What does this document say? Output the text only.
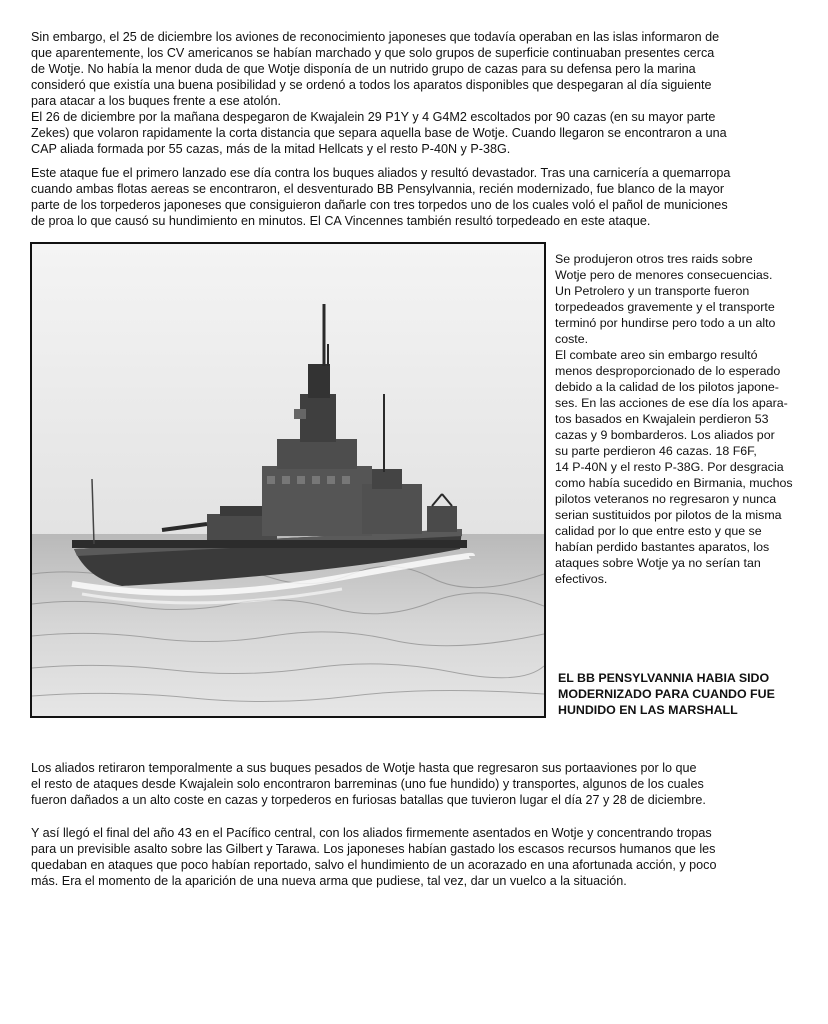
Sin embargo, el 25 de diciembre los aviones de reconocimiento japoneses que todavía operaban en las islas informaron de
que aparentemente, los CV americanos se habían marchado y que solo grupos de superficie continuaban presentes cerca
de Wotje. No había la menor duda de que Wotje disponía de un nutrido grupo de cazas para su defensa pero la marina
consideró que existía una buena posibilidad y se ordenó a todos los aparatos disponibles que despegaran al día siguiente
para atacar a los buques frente a ese atolón.
El 26 de diciembre por la mañana despegaron de Kwajalein 29 P1Y y 4 G4M2 escoltados por 90 cazas (en su mayor parte
Zekes) que volaron rapidamente la corta distancia que separa aquella base de Wotje. Cuando llegaron se encontraron a una
CAP aliada formada por 55 cazas, más de la mitad Hellcats y el resto P-40N y P-38G.
Este ataque fue el primero lanzado ese día contra los buques aliados y resultó devastador. Tras una carnicería a quemarropa
cuando ambas flotas aereas se encontraron, el desventurado BB Pensylvannia, recién modernizado, fue blanco de la mayor
parte de los torpederos japoneses que consiguieron dañarle con tres torpedos uno de los cuales voló el pañol de municiones
de proa lo que causó su hundimiento en minutos. El CA Vincennes también resultó torpedeado en este ataque.
Se produjeron otros tres raids sobre
Wotje pero de menores consecuencias.
Un Petrolero y un transporte fueron
torpedeados gravemente y el transporte
terminó por hundirse pero todo a un alto
coste.
El combate areo sin embargo resultó
menos desproporcionado de lo esperado
debido a la calidad de los pilotos japone-
ses. En las acciones de ese día los apara-
tos basados en Kwajalein perdieron 53
cazas y 9 bombarderos. Los aliados por
su parte perdieron 46 cazas. 18 F6F,
14 P-40N y el resto P-38G. Por desgracia
como había sucedido en Birmania, muchos
pilotos veteranos no regresaron y nunca
serian sustituidos por pilotos de la misma
calidad por lo que entre esto y que se
habían perdido bastantes aparatos, los
ataques sobre Wotje ya no serían tan
efectivos.
EL BB PENSYLVANNIA HABIA SIDO
MODERNIZADO PARA CUANDO FUE
HUNDIDO EN LAS MARSHALL
Los aliados retiraron temporalmente a sus buques pesados de Wotje hasta que regresaron sus portaaviones por lo que
el resto de ataques desde Kwajalein solo encontraron barreminas (uno fue hundido) y transportes, algunos de los cuales
fueron dañados a un alto coste en cazas y torpederos en furiosas batallas que tuvieron lugar el día 27 y 28 de diciembre.
Y así llegó el final del año 43 en el Pacífico central, con los aliados firmemente asentados en Wotje y concentrando tropas
para un previsible asalto sobre las Gilbert y Tarawa. Los japoneses habían gastado los escasos recursos humanos que les
quedaban en ataques que poco habían reportado, salvo el hundimiento de un acorazado en una afortunada acción, y poco
más. Era el momento de la aparición de una nueva arma que pudiese, tal vez, dar un vuelco a la situación.
